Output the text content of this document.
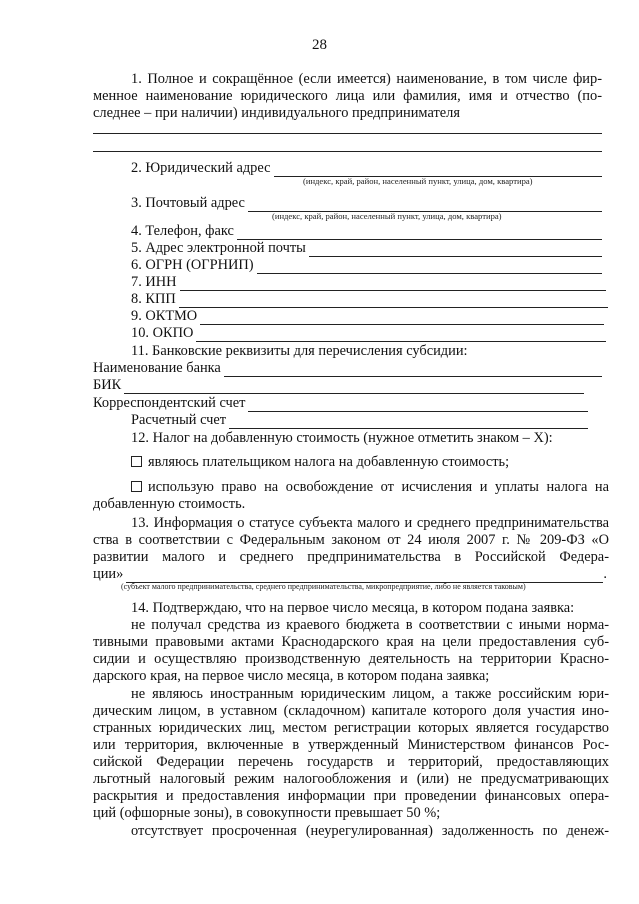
28
1. Полное и сокращённое (если имеется) наименование, в том числе фир-
менное наименование юридического лица или фамилия, имя и отчество (по-
следнее – при наличии) индивидуального предпринимателя
2. Юридический адрес
(индекс, край, район, населенный пункт, улица, дом, квартира)
3. Почтовый адрес
(индекс, край, район, населенный пункт, улица, дом, квартира)
4. Телефон, факс
5. Адрес электронной почты
6. ОГРН (ОГРНИП)
7. ИНН
8. КПП
9. ОКТМО
10. ОКПО
11. Банковские реквизиты для перечисления субсидии:
Наименование банка
БИК
Корреспондентский счет
Расчетный счет
12. Налог на добавленную стоимость (нужное отметить знаком – Х):
являюсь плательщиком налога на добавленную стоимость;
использую право на освобождение от исчисления и уплаты налога на
добавленную стоимость.
13. Информация о статусе субъекта малого и среднего предпринимательства
ства в соответствии с Федеральным законом от 24 июля 2007 г. № 209-ФЗ «О
развитии малого и среднего предпринимательства в Российской Федера-
ции»	.
(субъект малого предпринимательства, среднего предпринимательства, микропредприятие, либо не является таковым)
14. Подтверждаю, что на первое число месяца, в котором подана заявка:
не получал средства из краевого бюджета в соответствии с иными норма-
тивными правовыми актами Краснодарского края на цели предоставления суб-
сидии и осуществляю производственную деятельность на территории Красно-
дарского края, на первое число месяца, в котором подана заявка;
не являюсь иностранным юридическим лицом, а также российским юри-
дическим лицом, в уставном (складочном) капитале которого доля участия ино-
странных юридических лиц, местом регистрации которых является государство
или территория, включенные в утвержденный Министерством финансов Рос-
сийской Федерации перечень государств и территорий, предоставляющих
льготный налоговый режим налогообложения и (или) не предусматривающих
раскрытия и предоставления информации при проведении финансовых опера-
ций (офшорные зоны), в совокупности превышает 50 %;
отсутствует просроченная (неурегулированная) задолженность по денеж-
